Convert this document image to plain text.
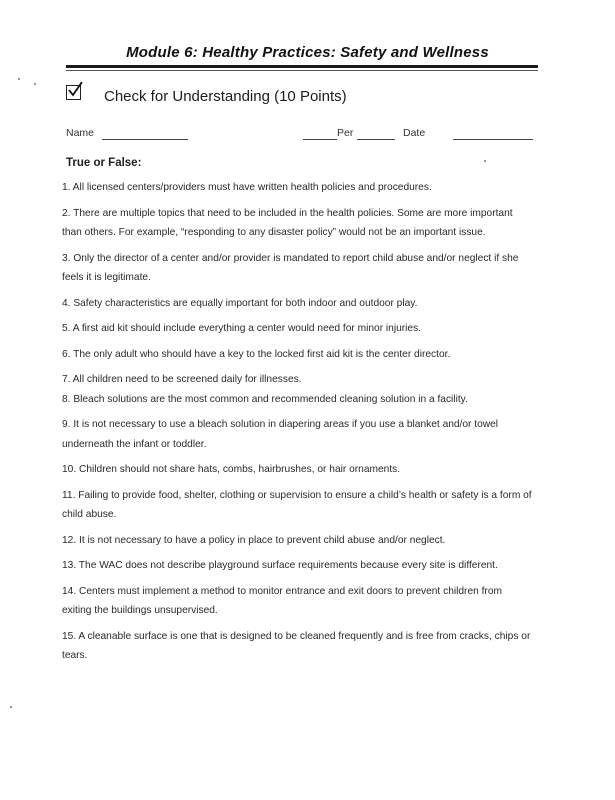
Module 6: Healthy Practices: Safety and Wellness
Check for Understanding (10 Points)
Name	Per	Date
True or False:

1. All licensed centers/providers must have written health policies and procedures.

2. There are multiple topics that need to be included in the health policies. Some are more important than others. For example, “responding to any disaster policy” would not be an important issue.

3. Only the director of a center and/or provider is mandated to report child abuse and/or neglect if she feels it is legitimate.

4. Safety characteristics are equally important for both indoor and outdoor play.

5. A first aid kit should include everything a center would need for minor injuries.

6. The only adult who should have a key to the locked first aid kit is the center director.

7. All children need to be screened daily for illnesses.

8. Bleach solutions are the most common and recommended cleaning solution in a facility.

9. It is not necessary to use a bleach solution in diapering areas if you use a blanket and/or towel underneath the infant or toddler.

10. Children should not share hats, combs, hairbrushes, or hair ornaments.

11. Failing to provide food, shelter, clothing or supervision to ensure a child’s health or safety is a form of child abuse.

12. It is not necessary to have a policy in place to prevent child abuse and/or neglect.

13. The WAC does not describe playground surface requirements because every site is different.

14. Centers must implement a method to monitor entrance and exit doors to prevent children from exiting the buildings unsupervised.

15. A cleanable surface is one that is designed to be cleaned frequently and is free from cracks, chips or tears.
